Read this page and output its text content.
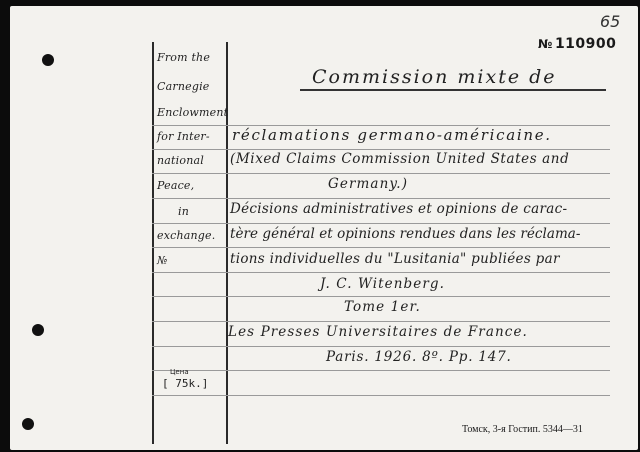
65
№ 110900
Commission mixte de
From the
Carnegie
Enclowment
for Inter-
national
Peace,
in
exchange.
№
réclamations germano-américaine.
(Mixed Claims Commission United States and
Germany.)
Décisions administratives et opinions de carac-
tère général et opinions rendues dans les réclama-
tions individuelles du "Lusitania" publiées par
J. C. Witenberg.
Tome 1er.
Les Presses Universitaires de France.
Paris. 1926. 8º. Pp. 147.
Цена
[ 75k.]
Томск, 3-я Гостип. 5344—31
